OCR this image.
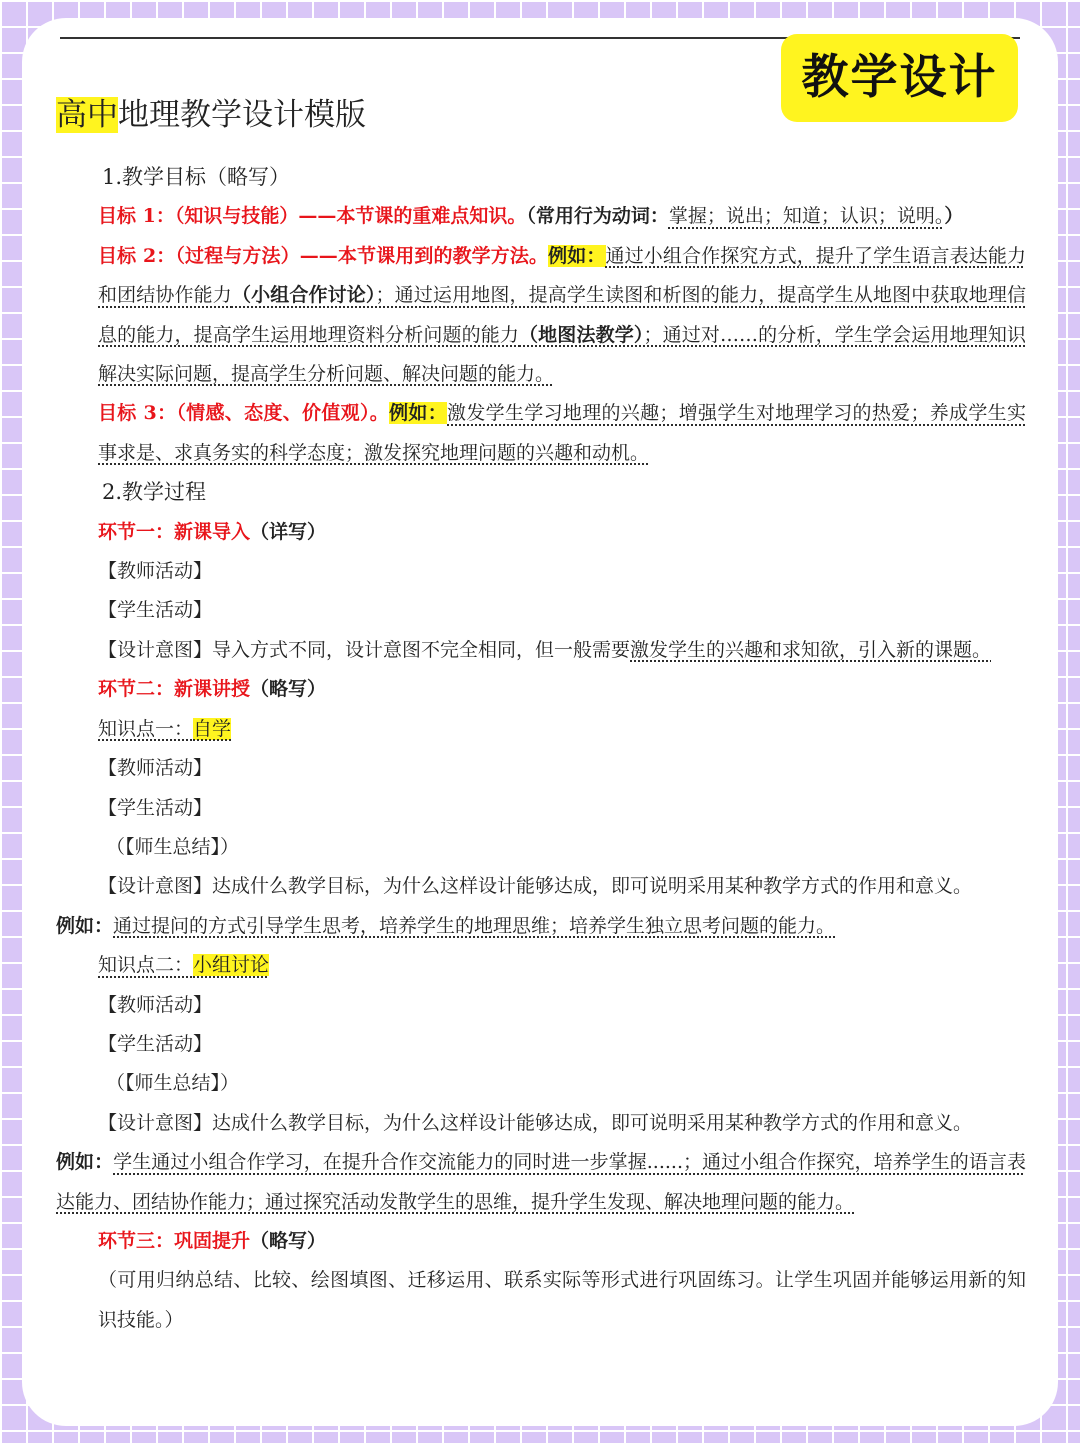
教学设计
高中地理教学设计模版

1.教学目标（略写）

目标 1：（知识与技能）——本节课的重难点知识。（常用行为动词：掌握；说出；知道；认识；说明。）

目标 2：（过程与方法）——本节课用到的教学方法。例如：通过小组合作探究方式，提升了学生语言表达能力和团结协作能力（小组合作讨论）；通过运用地图，提高学生读图和析图的能力，提高学生从地图中获取地理信息的能力，提高学生运用地理资料分析问题的能力（地图法教学）；通过对……的分析，学生学会运用地理知识解决实际问题，提高学生分析问题、解决问题的能力。

目标 3：（情感、态度、价值观）。例如：激发学生学习地理的兴趣；增强学生对地理学习的热爱；养成学生实事求是、求真务实的科学态度；激发探究地理问题的兴趣和动机。

2.教学过程

环节一：新课导入（详写）

【教师活动】

【学生活动】

【设计意图】导入方式不同，设计意图不完全相同，但一般需要激发学生的兴趣和求知欲，引入新的课题。

环节二：新课讲授（略写）

知识点一：自学

【教师活动】

【学生活动】

（【师生总结】）

【设计意图】达成什么教学目标，为什么这样设计能够达成，即可说明采用某种教学方式的作用和意义。

例如：通过提问的方式引导学生思考，培养学生的地理思维；培养学生独立思考问题的能力。

知识点二：小组讨论

【教师活动】

【学生活动】

（【师生总结】）

【设计意图】达成什么教学目标，为什么这样设计能够达成，即可说明采用某种教学方式的作用和意义。

例如：学生通过小组合作学习，在提升合作交流能力的同时进一步掌握......；通过小组合作探究，培养学生的语言表达能力、团结协作能力；通过探究活动发散学生的思维，提升学生发现、解决地理问题的能力。

环节三：巩固提升（略写）

（可用归纳总结、比较、绘图填图、迁移运用、联系实际等形式进行巩固练习。让学生巩固并能够运用新的知识技能。）
